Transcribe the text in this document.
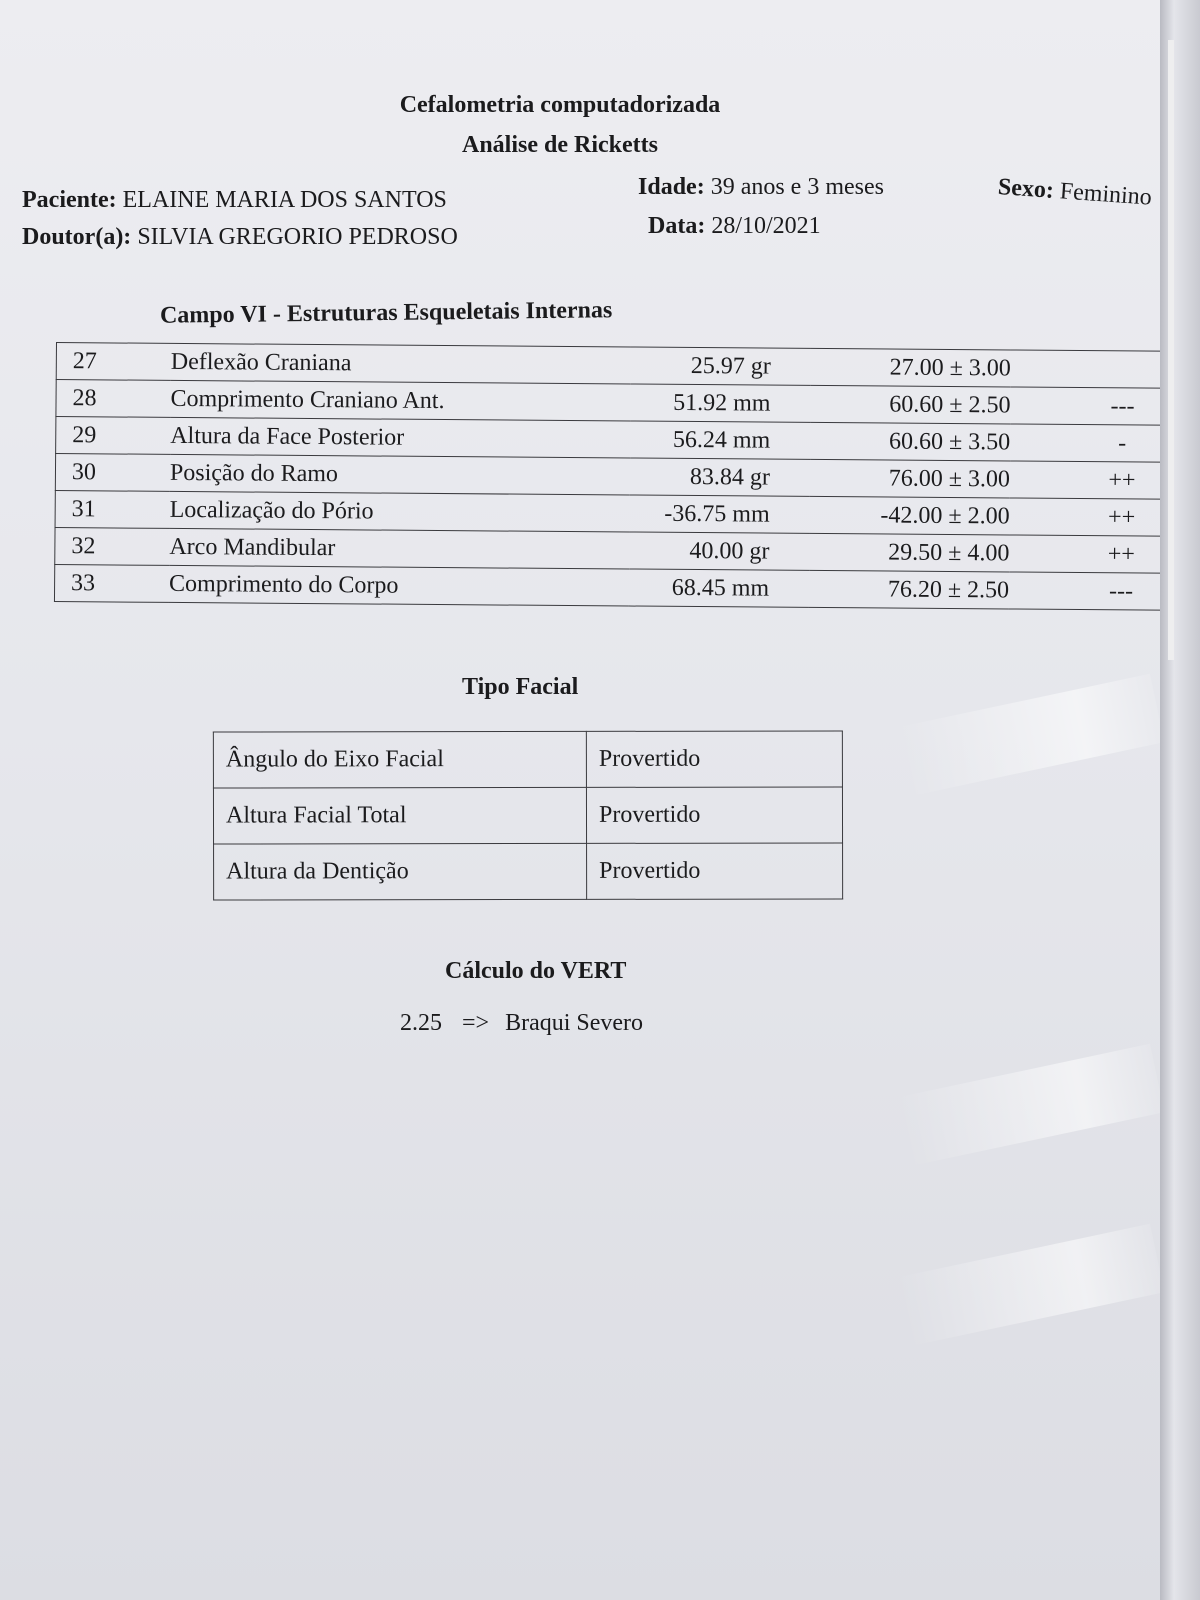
Cefalometria computadorizada
Análise de Ricketts
Paciente: ELAINE MARIA DOS SANTOS
Doutor(a): SILVIA GREGORIO PEDROSO
Idade: 39 anos e 3 meses
Data: 28/10/2021
Sexo: Feminino
Campo VI - Estruturas Esqueletais Internas
27	Deflexão Craniana	25.97 gr	27.00 ± 3.00	
28	Comprimento Craniano Ant.	51.92 mm	60.60 ± 2.50	---
29	Altura da Face Posterior	56.24 mm	60.60 ± 3.50	-
30	Posição do Ramo	83.84 gr	76.00 ± 3.00	++
31	Localização do Pório	-36.75 mm	-42.00 ± 2.00	++
32	Arco Mandibular	40.00 gr	29.50 ± 4.00	++
33	Comprimento do Corpo	68.45 mm	76.20 ± 2.50	---
Tipo Facial
Ângulo do Eixo Facial	Provertido
Altura Facial Total	Provertido
Altura da Dentição	Provertido
Cálculo do VERT
2.25 => Braqui Severo
